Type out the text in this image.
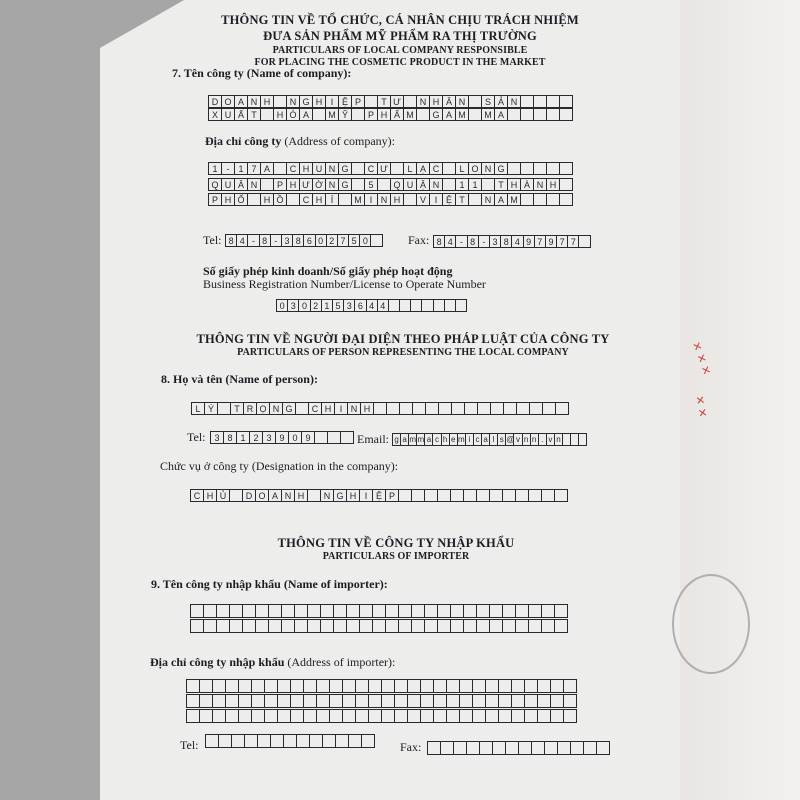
✕ ✕ ✕
✕ ✕
THÔNG TIN VỀ TỔ CHỨC, CÁ NHÂN CHỊU TRÁCH NHIỆM
ĐƯA SẢN PHẨM MỸ PHẨM RA THỊ TRƯỜNG
PARTICULARS OF LOCAL COMPANY RESPONSIBLE
FOR PLACING THE COSMETIC PRODUCT IN THE MARKET
7. Tên công ty (Name of company):
D O A N H	N G H I Ệ P	T Ư	N H Â N	S Ả N
X U Ấ T	H Ó A	M Ỹ	P H Ẩ M	G A M	M A
Địa chỉ công ty (Address of company):
1	- 1 7 A	C H U N G	C Ư	L Ạ C	L O N G
Q U Â N	P H Ư Ờ N G	5	Q U Ậ N	1 1	T H À N H
P H Ố	H Ồ	C H Í	M I N H	V I Ệ T	N A M
Tel: 8 4 - 8 - 3 8 6 0 2 7 5 0	Fax: 8 4 - 8 - 3 8 4 9 7 9 7 7
Số giấy phép kinh doanh/Số giấy phép hoạt động
Business Registration Number/License to Operate Number
0 3 0 2 1 5 3 6 4 4
THÔNG TIN VỀ NGƯỜI ĐẠI DIỆN THEO PHÁP LUẬT CỦA CÔNG TY
PARTICULARS OF PERSON REPRESENTING THE LOCAL COMPANY
8. Họ và tên (Name of person):
L Ý	T R Ọ N G	C H I N H
Tel: 3 8 1 2 3 9 0 9	Email: g a m m a c h e m i c a l s @ v n n . v n
Chức vụ ở công ty (Designation in the company):
C H Ủ	D O A N H	N G H I Ệ P
THÔNG TIN VỀ CÔNG TY NHẬP KHẨU
PARTICULARS OF IMPORTER
9. Tên công ty nhập khẩu (Name of importer):
Địa chỉ công ty nhập khẩu (Address of importer):
Tel:	Fax:
